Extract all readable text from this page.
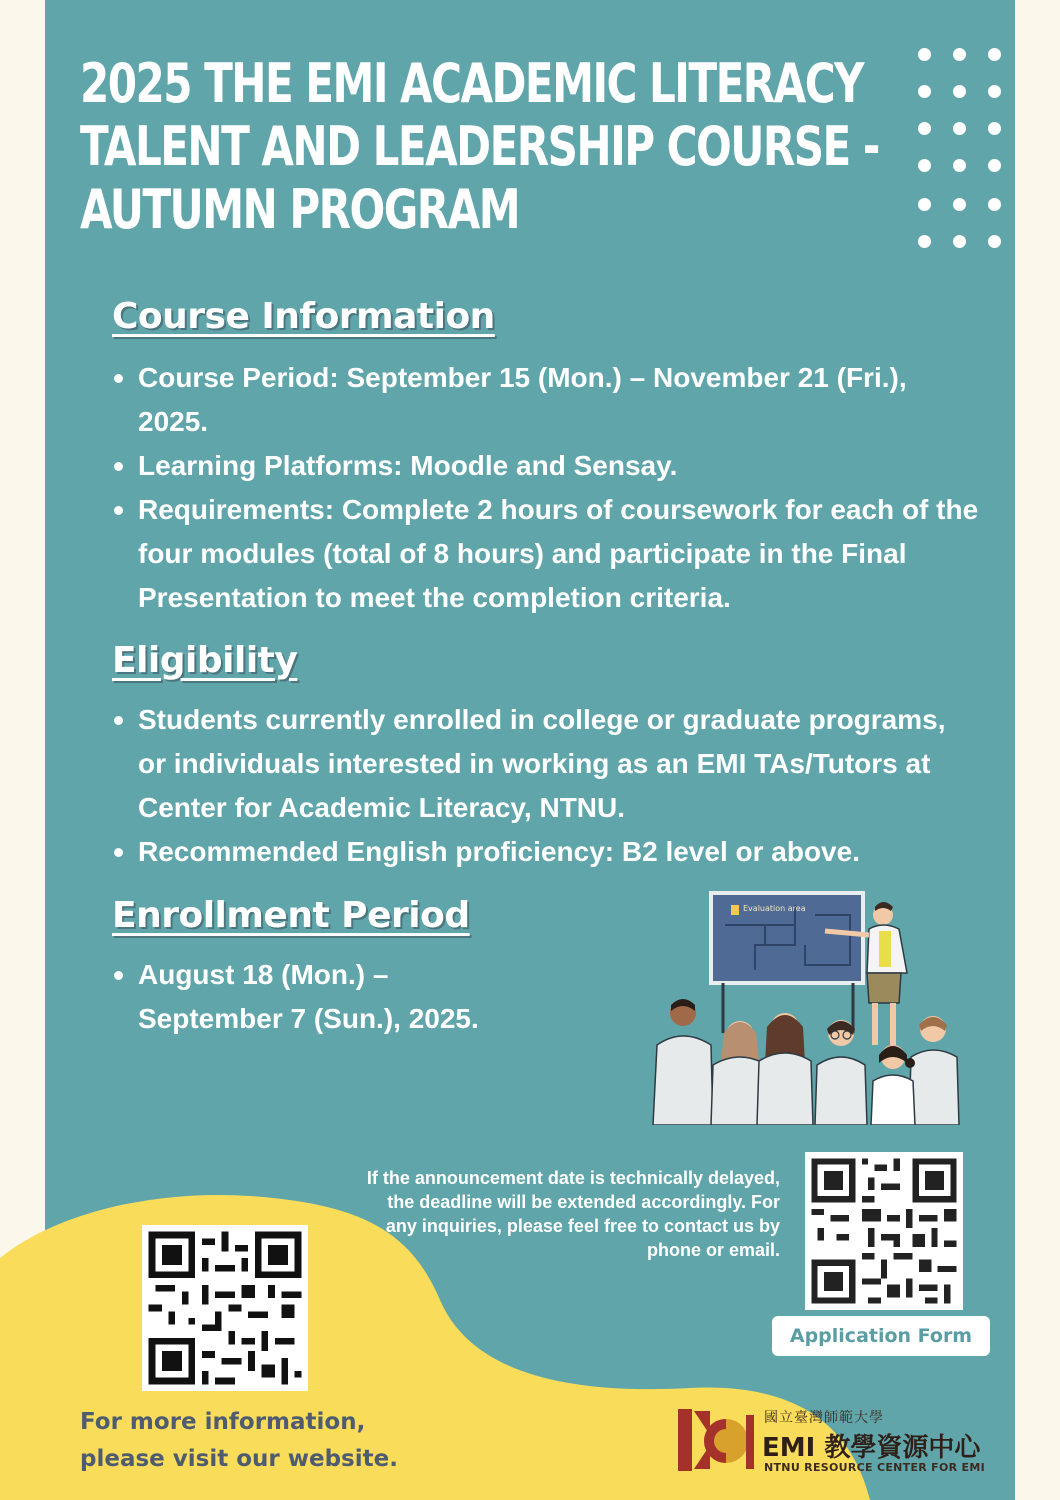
2025 THE EMI ACADEMIC LITERACY
TALENT AND LEADERSHIP COURSE -
AUTUMN PROGRAM
Course Information
Course Period: September 15 (Mon.) – November 21 (Fri.), 2025.
Learning Platforms: Moodle and Sensay.
Requirements: Complete 2 hours of coursework for each of the four modules (total of 8 hours) and participate in the Final Presentation to meet the completion criteria.
Eligibility
Students currently enrolled in college or graduate programs, or individuals interested in working as an EMI TAs/Tutors at Center for Academic Literacy, NTNU.
Recommended English proficiency: B2 level or above.
Enrollment Period
August 18 (Mon.) –
September 7 (Sun.), 2025.
Evaluation area

If the announcement date is technically delayed, the deadline will be extended accordingly. For any inquiries, please feel free to contact us by phone or email.

Application Form

For more information,
please visit our website.

國立臺灣師範大學

EMI 教學資源中心

NTNU RESOURCE CENTER FOR EMI
